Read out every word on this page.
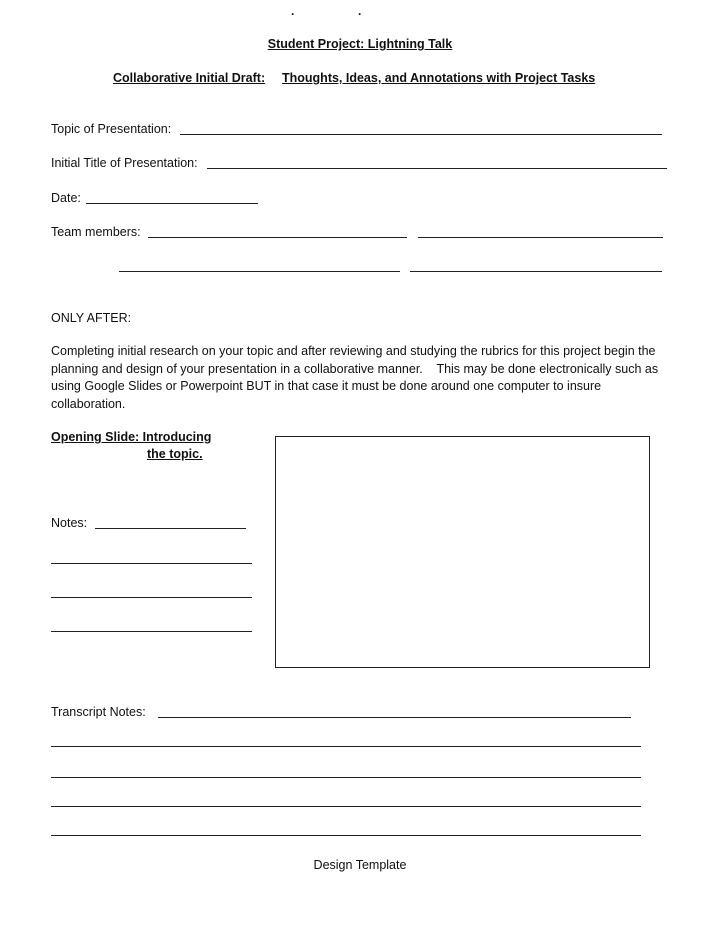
.	.
Student Project: Lightning Talk
Collaborative Initial Draft: Thoughts, Ideas, and Annotations with Project Tasks
Topic of Presentation:
Initial Title of Presentation:
Date:
Team members:
ONLY AFTER:
Completing initial research on your topic and after reviewing and studying the rubrics for this project begin the planning and design of your presentation in a collaborative manner.    This may be done electronically such as using Google Slides or Powerpoint BUT in that case it must be done around one computer to insure collaboration.
Opening Slide: Introducing
the topic.
Notes:
Transcript Notes:
Design Template
